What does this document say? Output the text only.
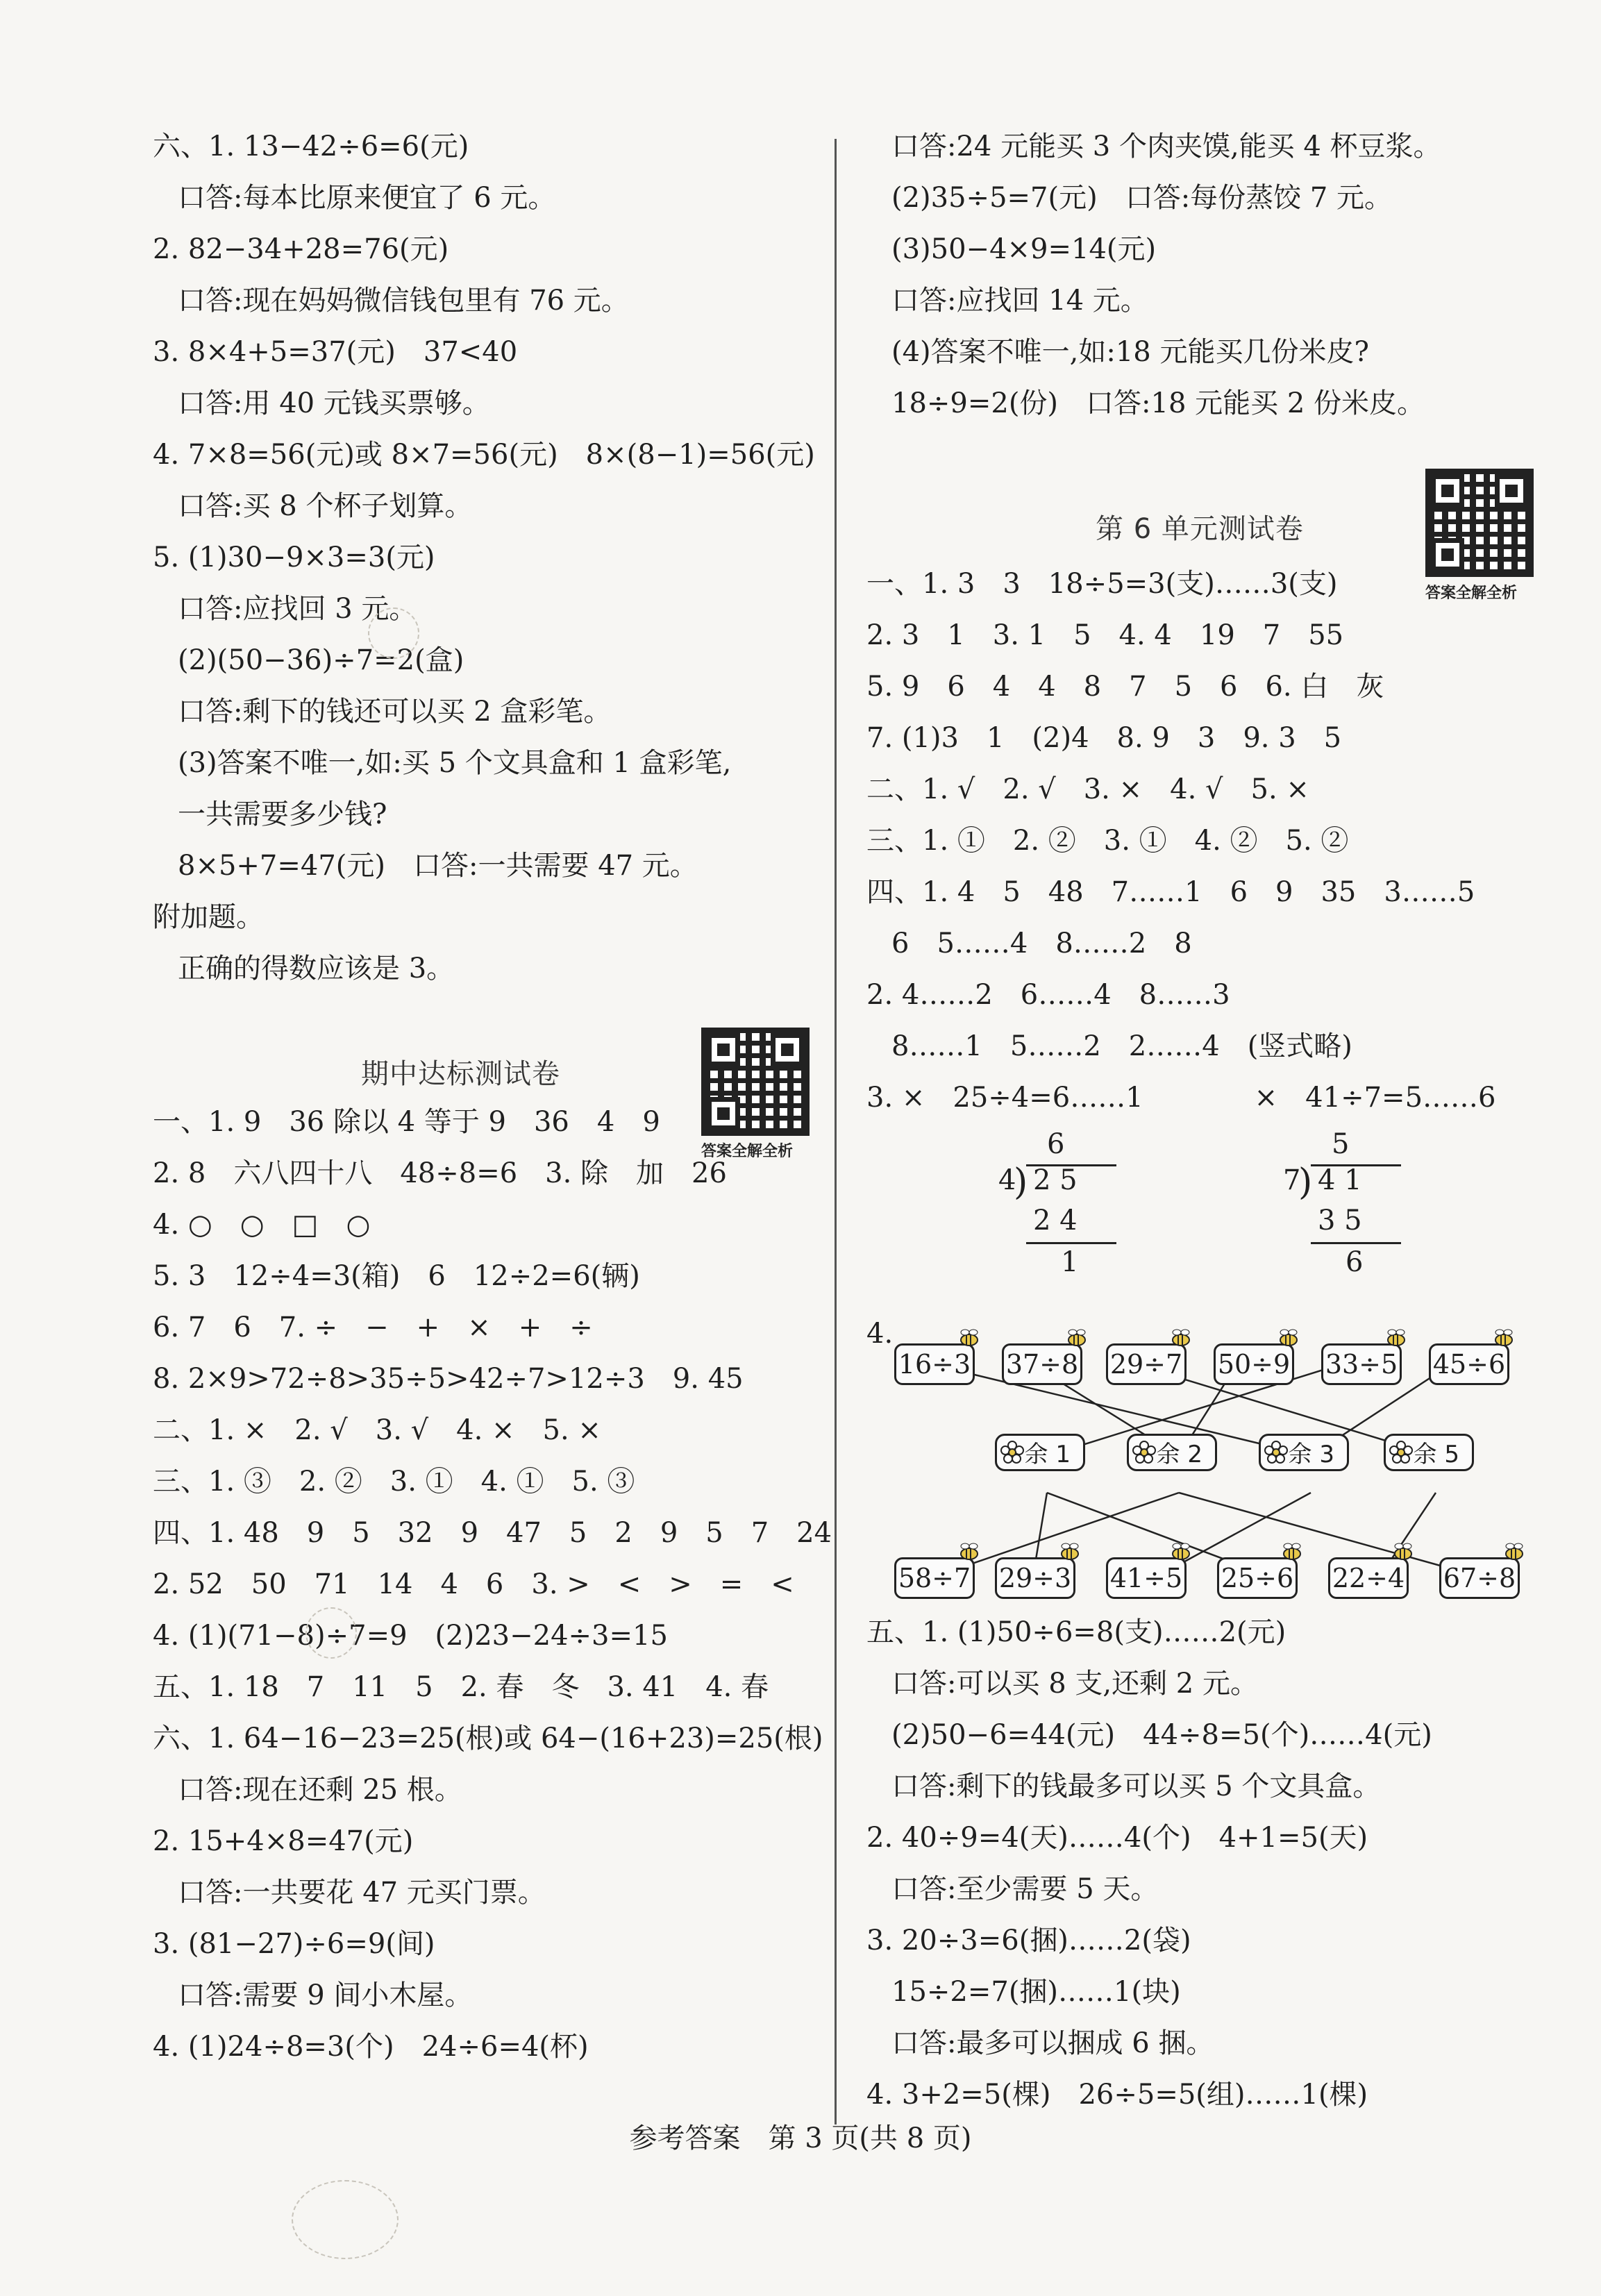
六、1. 13−42÷6=6(元)
口答:每本比原来便宜了 6 元。
2. 82−34+28=76(元)
口答:现在妈妈微信钱包里有 76 元。
3. 8×4+5=37(元)　37<40
口答:用 40 元钱买票够。
4. 7×8=56(元)或 8×7=56(元)　8×(8−1)=56(元)
口答:买 8 个杯子划算。
5. (1)30−9×3=3(元)
口答:应找回 3 元。
(2)(50−36)÷7=2(盒)
口答:剩下的钱还可以买 2 盒彩笔。
(3)答案不唯一,如:买 5 个文具盒和 1 盒彩笔,
一共需要多少钱?
8×5+7=47(元)　口答:一共需要 47 元。
附加题。
正确的得数应该是 3。
期中达标测试卷
答案全解全析
一、1. 9　36 除以 4 等于 9　36　4　9
2. 8　六八四十八　48÷8=6　3. 除　加　26
4. ○　○　□　○
5. 3　12÷4=3(箱)　6　12÷2=6(辆)
6. 7　6　7. ÷　−　+　×　+　÷
8. 2×9>72÷8>35÷5>42÷7>12÷3　9. 45
二、1. ×　2. √　3. √　4. ×　5. ×
三、1. ③　2. ②　3. ①　4. ①　5. ③
四、1. 48　9　5　32　9　47　5　2　9　5　7　24
2. 52　50　71　14　4　6　3. >　<　>　=　<
4. (1)(71−8)÷7=9　(2)23−24÷3=15
五、1. 18　7　11　5　2. 春　冬　3. 41　4. 春
六、1. 64−16−23=25(根)或 64−(16+23)=25(根)
口答:现在还剩 25 根。
2. 15+4×8=47(元)
口答:一共要花 47 元买门票。
3. (81−27)÷6=9(间)
口答:需要 9 间小木屋。
4. (1)24÷8=3(个)　24÷6=4(杯)
口答:24 元能买 3 个肉夹馍,能买 4 杯豆浆。
(2)35÷5=7(元)　口答:每份蒸饺 7 元。
(3)50−4×9=14(元)
口答:应找回 14 元。
(4)答案不唯一,如:18 元能买几份米皮?
18÷9=2(份)　口答:18 元能买 2 份米皮。
第 6 单元测试卷
答案全解全析
一、1. 3　3　18÷5=3(支)……3(支)
2. 3　1　3. 1　5　4. 4　19　7　55
5. 9　6　4　4　8　7　5　6　6. 白　灰
7. (1)3　1　(2)4　8. 9　3　9. 3　5
二、1. √　2. √　3. ×　4. √　5. ×
三、1. ①　2. ②　3. ①　4. ②　5. ②
四、1. 4　5　48　7……1　6　9　35　3……5
6　5……4　8……2　8
2. 4……2　6……4　8……3
8……1　5……2　2……4　(竖式略)
3. ×　25÷4=6……1　　　　×　41÷7=5……6
6
4
) 2 5
2 4
1
5
7
) 4 1
3 5
6
4.
16÷3 37÷8 29÷7 50÷9 33÷5 45÷6
余 1	余 2	余 3	余 5
58÷7 29÷3 41÷5 25÷6 22÷4 67÷8
五、1. (1)50÷6=8(支)……2(元)
口答:可以买 8 支,还剩 2 元。
(2)50−6=44(元)　44÷8=5(个)……4(元)
口答:剩下的钱最多可以买 5 个文具盒。
2. 40÷9=4(天)……4(个)　4+1=5(天)
口答:至少需要 5 天。
3. 20÷3=6(捆)……2(袋)
15÷2=7(捆)……1(块)
口答:最多可以捆成 6 捆。
4. 3+2=5(棵)　26÷5=5(组)……1(棵)
参考答案　第 3 页(共 8 页)
